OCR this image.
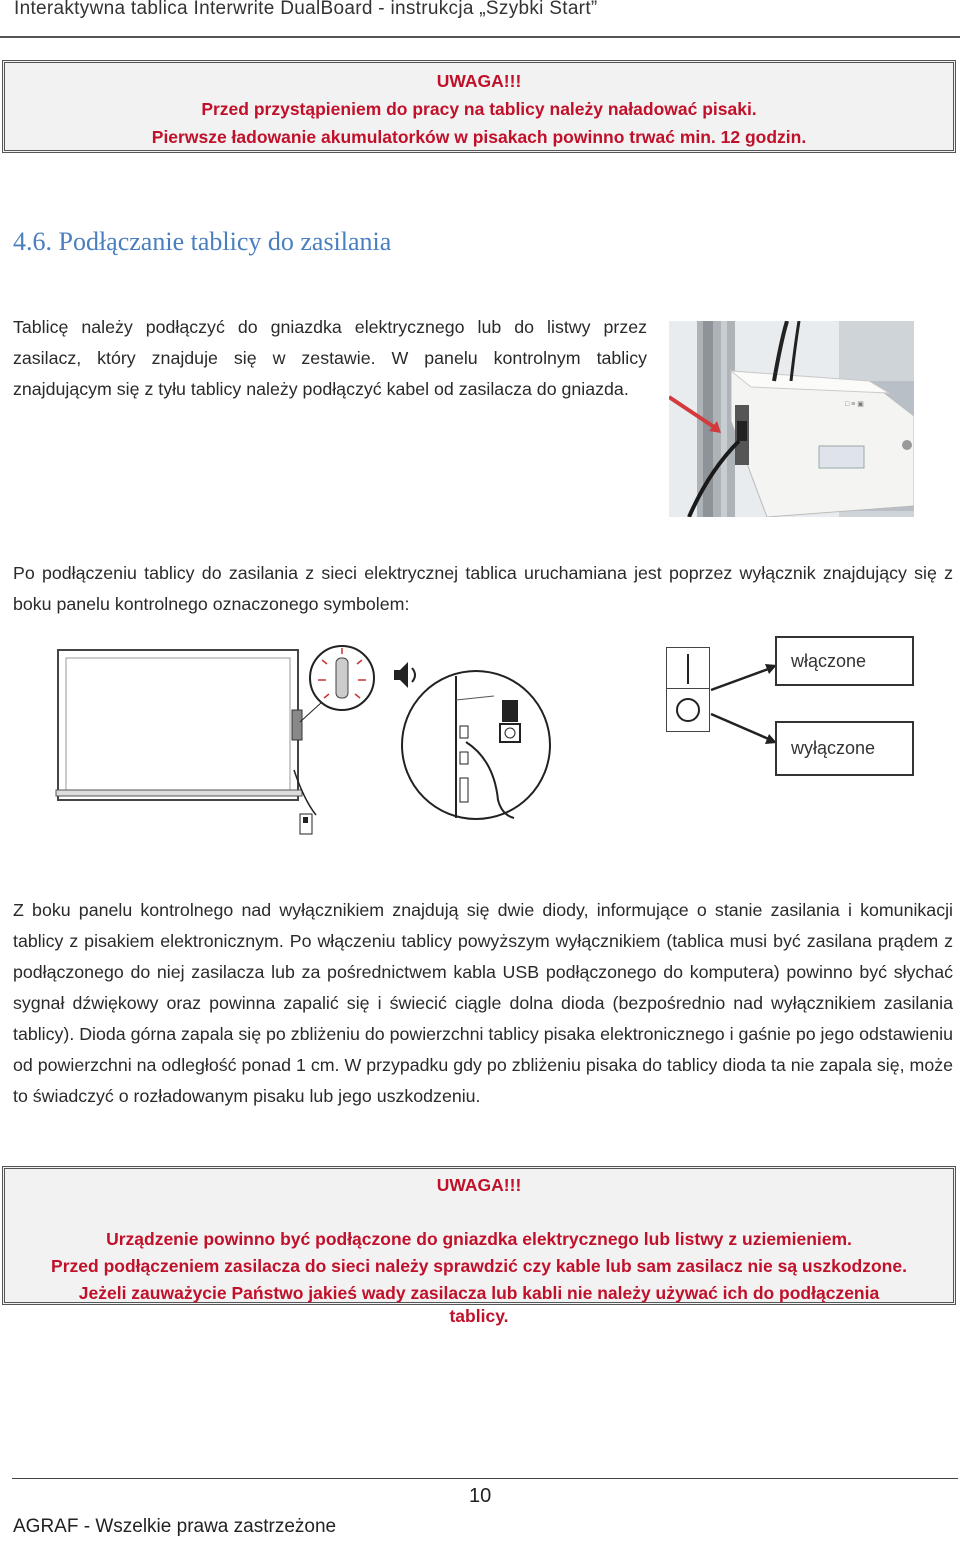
Interaktywna tablica Interwrite DualBoard - instrukcja „Szybki Start”
UWAGA!!!
Przed przystąpieniem do pracy na tablicy należy naładować pisaki.
Pierwsze ładowanie akumulatorków w pisakach powinno trwać min. 12 godzin.
4.6. Podłączanie tablicy do zasilania
Tablicę należy podłączyć do gniazdka elektrycznego lub do listwy przez zasilacz, który znajduje się w zestawie. W panelu kontrolnym tablicy znajdującym się z tyłu tablicy należy podłączyć kabel od zasilacza do gniazda.
□ ≡ ▣
Po podłączeniu tablicy do zasilania z sieci elektrycznej tablica uruchamiana jest poprzez wyłącznik znajdujący się z boku panelu kontrolnego oznaczonego symbolem:
włączone
wyłączone
Z boku panelu kontrolnego nad wyłącznikiem znajdują się dwie diody, informujące o stanie zasilania i komunikacji tablicy z pisakiem elektronicznym. Po włączeniu tablicy powyższym wyłącznikiem (tablica musi być zasilana prądem z podłączonego do niej zasilacza lub za pośrednictwem kabla USB podłączonego do komputera) powinno być słychać sygnał dźwiękowy oraz powinna zapalić się i świecić ciągle dolna dioda (bezpośrednio nad wyłącznikiem zasilania tablicy). Dioda górna zapala się po zbliżeniu do powierzchni tablicy pisaka elektronicznego i gaśnie po jego odstawieniu od powierzchni na odległość ponad 1 cm. W przypadku gdy po zbliżeniu pisaka do tablicy dioda ta nie zapala się, może to świadczyć o rozładowanym pisaku lub jego uszkodzeniu.
UWAGA!!!
Urządzenie powinno być podłączone do gniazdka elektrycznego lub listwy z uziemieniem.
Przed podłączeniem zasilacza do sieci należy sprawdzić czy kable lub sam zasilacz nie są uszkodzone.
Jeżeli zauważycie Państwo jakieś wady zasilacza lub kabli nie należy używać ich do podłączenia
tablicy.
10
AGRAF - Wszelkie prawa zastrzeżone
